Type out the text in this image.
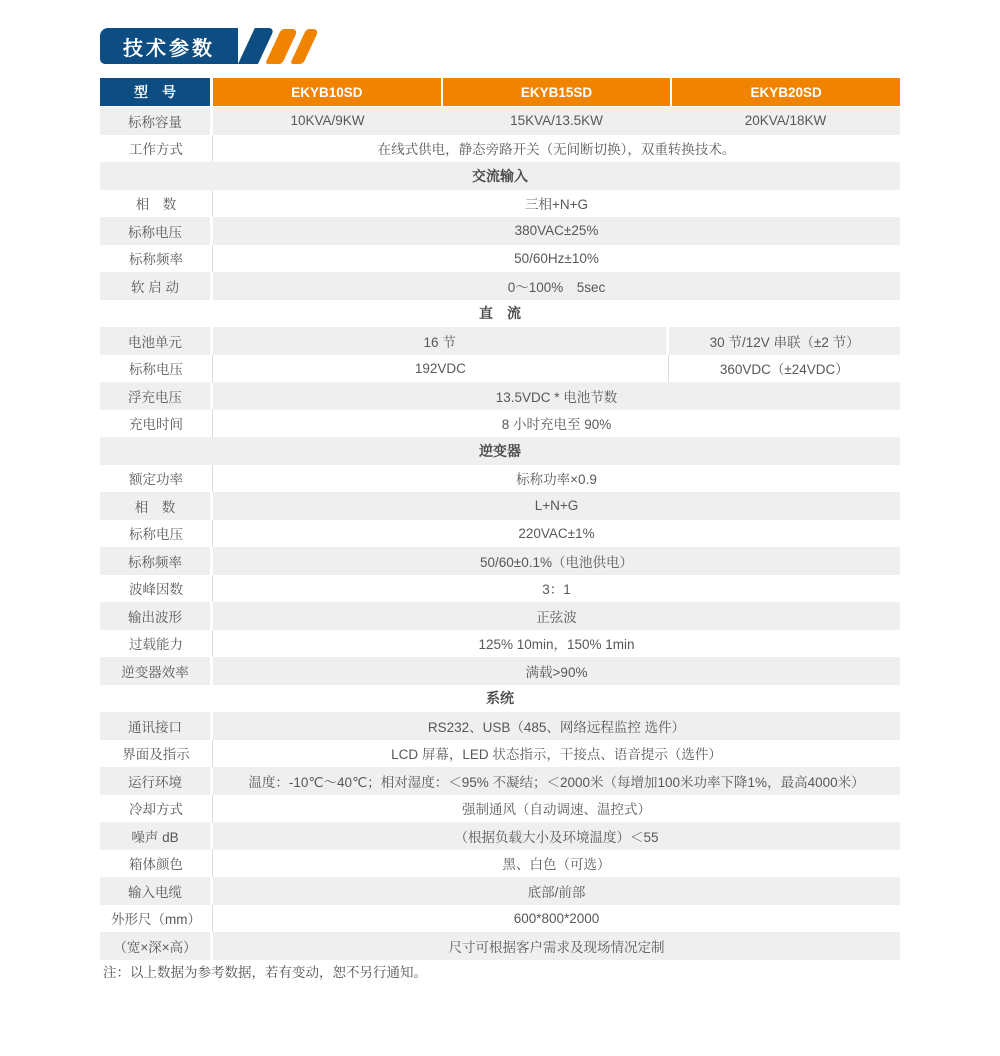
技术参数
型　号	EKYB10SD	EKYB15SD	EKYB20SD
标称容量	10KVA/9KW	15KVA/13.5KW	20KVA/18KW
工作方式	在线式供电，静态旁路开关（无间断切换），双重转换技术。
交流输入
相　数	三相+N+G
标称电压	380VAC±25%
标称频率	50/60Hz±10%
软 启 动	0～100%　5sec
直　流
电池单元	16 节	30 节/12V 串联（±2 节）
标称电压	192VDC	360VDC（±24VDC）
浮充电压	13.5VDC * 电池节数
充电时间	8 小时充电至 90%
逆变器
额定功率	标称功率×0.9
相　数	L+N+G
标称电压	220VAC±1%
标称频率	50/60±0.1%（电池供电）
波峰因数	3：1
输出波形	正弦波
过载能力	125% 10min，150% 1min
逆变器效率	满载>90%
系统
通讯接口	RS232、USB（485、网络远程监控 选件）
界面及指示	LCD 屏幕，LED 状态指示，干接点、语音提示（选件）
运行环境	温度：-10℃～40℃；相对湿度：＜95% 不凝结；＜2000米（每增加100米功率下降1%，最高4000米）
冷却方式	强制通风（自动调速、温控式）
噪声 dB	（根据负载大小及环境温度）＜55
箱体颜色	黑、白色（可选）
输入电缆	底部/前部
外形尺（mm）	600*800*2000
（宽×深×高）	尺寸可根据客户需求及现场情况定制
注：以上数据为参考数据，若有变动，恕不另行通知。
